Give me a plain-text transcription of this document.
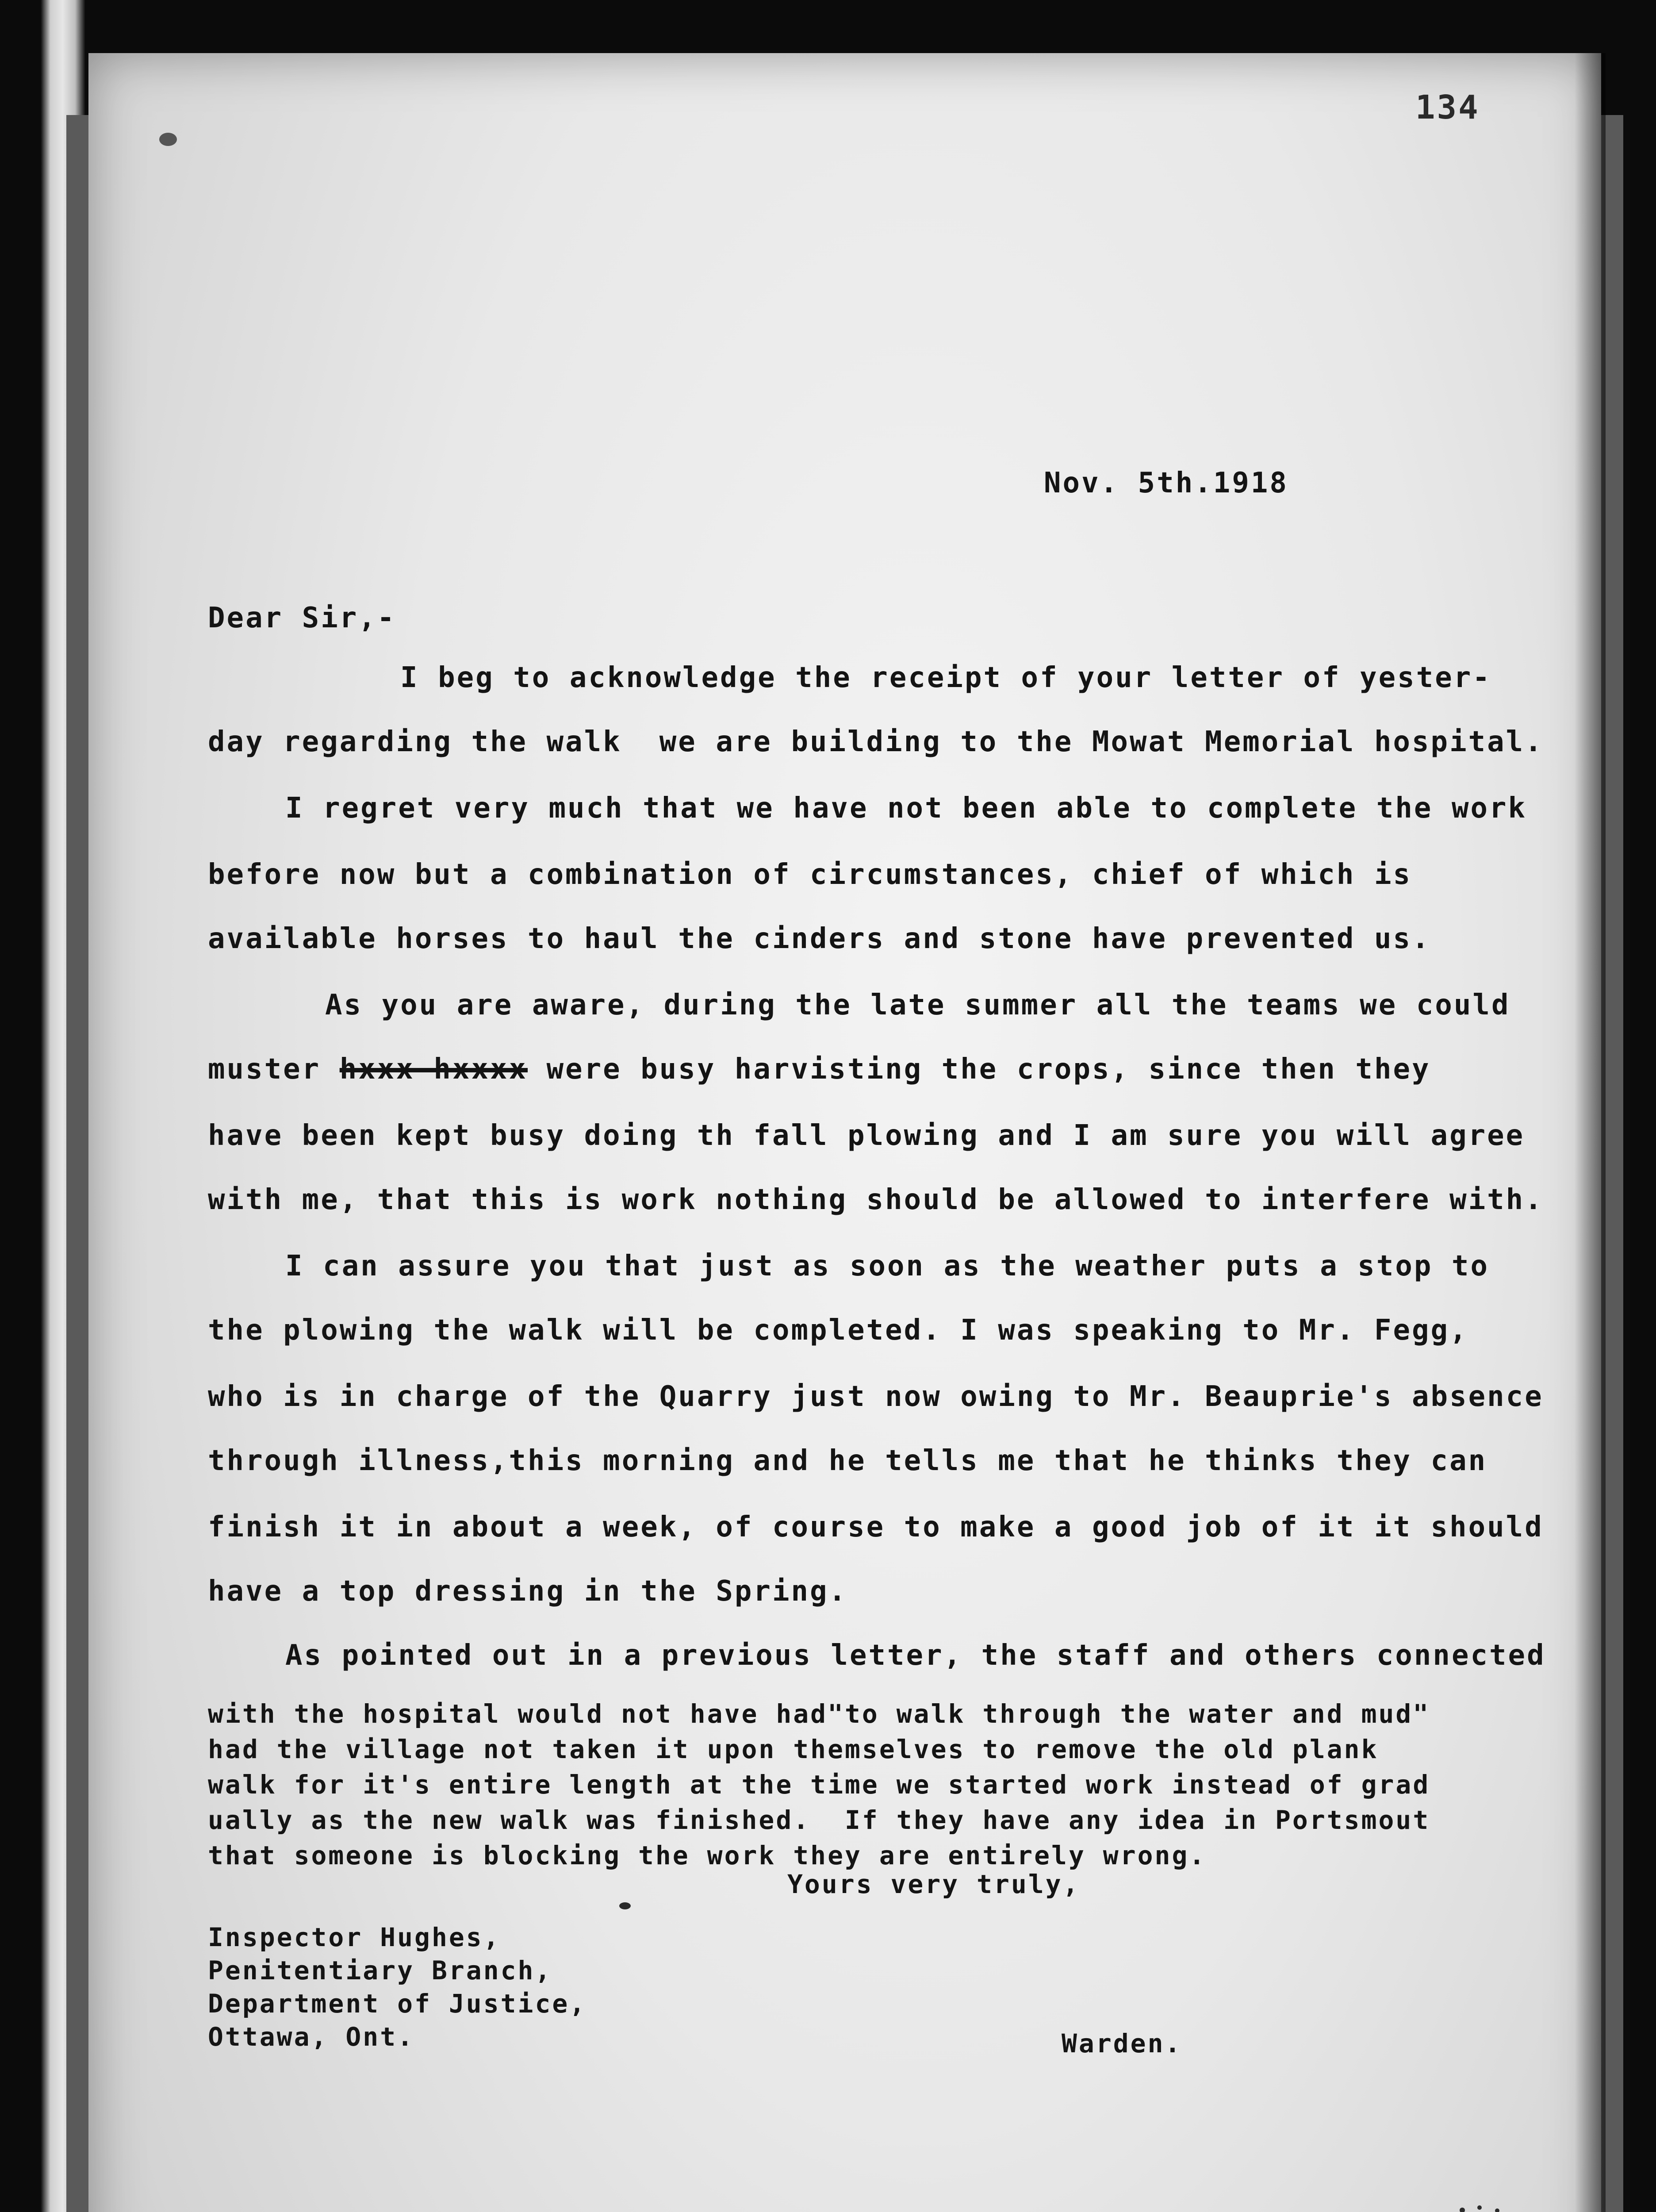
134

Nov. 5th.1918

Dear Sir,-

I beg to acknowledge the receipt of your letter of yester-

day regarding the walk  we are building to the Mowat Memorial hospital.

I regret very much that we have not been able to complete the work

before now but a combination of circumstances, chief of which is

available horses to haul the cinders and stone have prevented us.

As you are aware, during the late summer all the teams we could

muster hxxx hxxxx were busy harvisting the crops, since then they

have been kept busy doing th fall plowing and I am sure you will agree

with me, that this is work nothing should be allowed to interfere with.

I can assure you that just as soon as the weather puts a stop to

the plowing the walk will be completed. I was speaking to Mr. Fegg,

who is in charge of the Quarry just now owing to Mr. Beauprie's absence

through illness,this morning and he tells me that he thinks they can

finish it in about a week, of course to make a good job of it it should

have a top dressing in the Spring.

As pointed out in a previous letter, the staff and others connected

with the hospital would not have had"to walk through the water and mud"

had the village not taken it upon themselves to remove the old plank

walk for it's entire length at the time we started work instead of grad

ually as the new walk was finished.  If they have any idea in Portsmout

that someone is blocking the work they are entirely wrong.

Yours very truly,

Inspector Hughes,

Penitentiary Branch,

Department of Justice,

Ottawa, Ont.	Warden.
